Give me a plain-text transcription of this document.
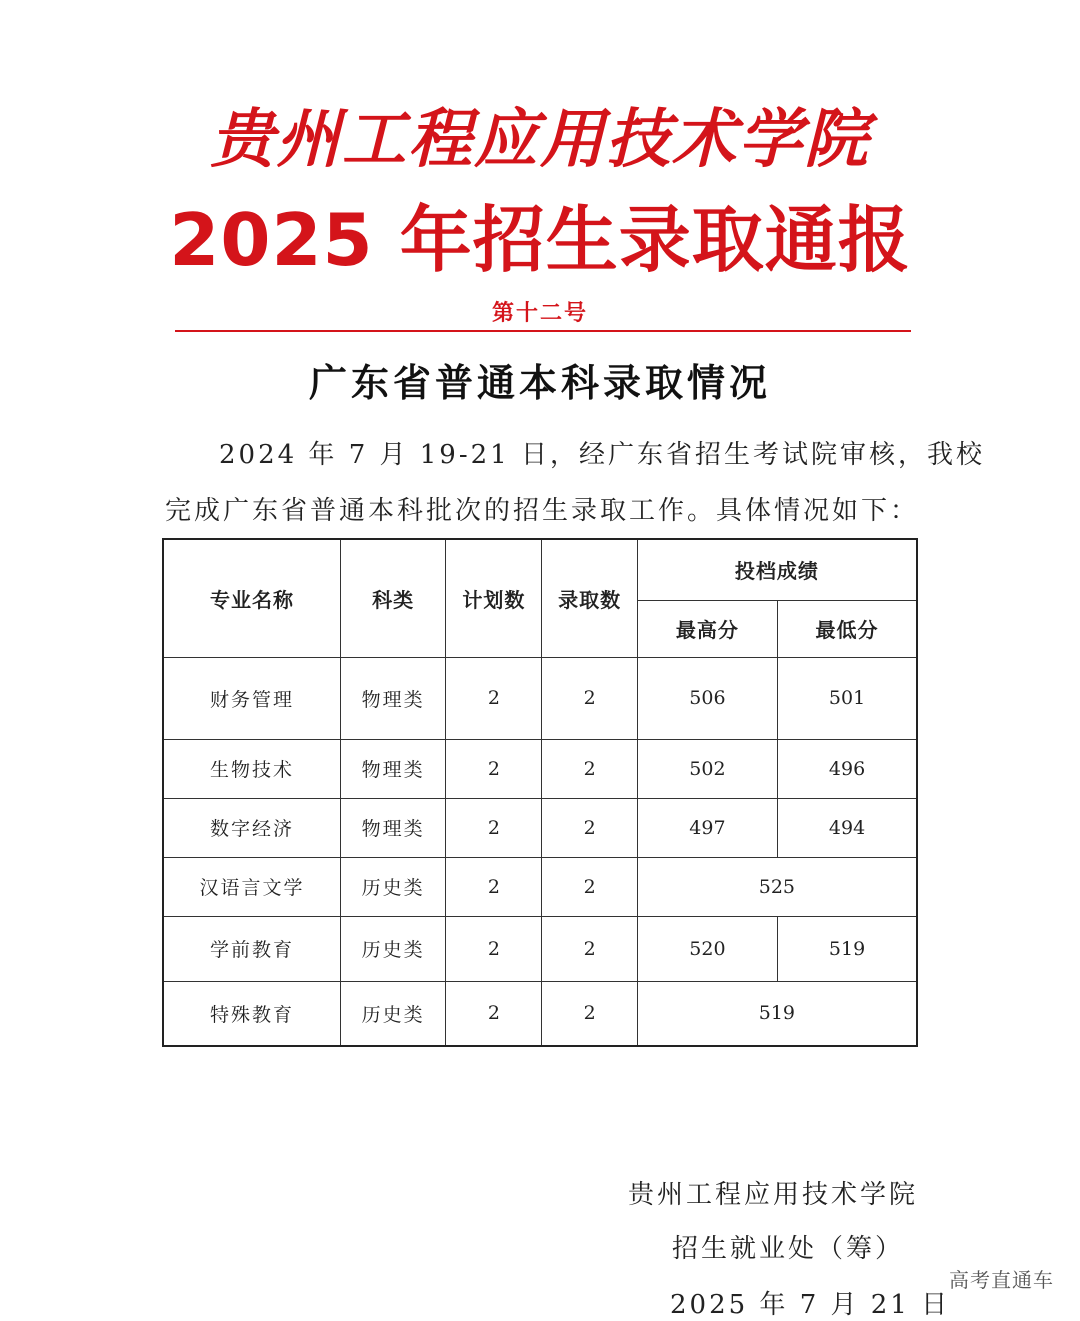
贵州工程应用技术学院
2025 年招生录取通报
第十二号
广东省普通本科录取情况
2024 年 7 月 19-21 日，经广东省招生考试院审核，我校
完成广东省普通本科批次的招生录取工作。具体情况如下：
专业名称	科类	计划数	录取数	投档成绩	
				最高分	最低分
财务管理	物理类	2	2	506	501
生物技术	物理类	2	2	502	496
数字经济	物理类	2	2	497	494
汉语言文学	历史类	2	2	525	
学前教育	历史类	2	2	520	519
特殊教育	历史类	2	2	519	
贵州工程应用技术学院
招生就业处（筹）
2025 年 7 月 21 日
高考直通车
